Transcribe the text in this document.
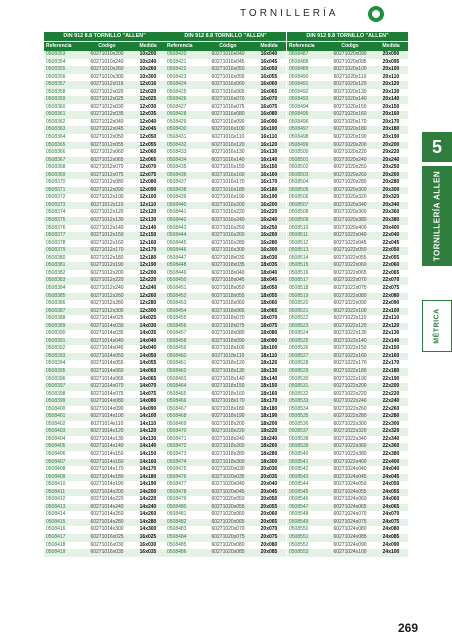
TORNILLERÍA
5
TORNILLERÍA ALLEN
MÉTRICA
DIN 912 8.8 TORNILLO "ALLEN"
Referencia	Código	Medida
0508353	60271010x200	10x200
0508354	60271010x240	10x240
0508355	60271010x260	10x260
0508356	60271010x300	10x300
0508357	60271012x016	12x016
0508358	60271012x020	12x020
0508359	60271012x025	12x025
0508360	60271012x030	12x030
0508361	60271012x035	12x035
0508362	60271012x040	12x040
0508363	60271012x045	12x045
0508364	60271012x050	12x050
0508365	60271012x055	12x055
0508366	60271012x060	12x060
0508367	60271012x065	12x065
0508368	60271012x070	12x070
0508369	60271012x075	12x075
0508370	60271012x080	12x080
0508371	60271012x090	12x090
0508372	60271012x100	12x100
0508373	60271012x110	12x110
0508374	60271012x120	12x120
0508375	60271012x130	12x130
0508376	60271012x140	12x140
0508377	60271012x150	12x150
0508378	60271012x160	12x160
0508379	60271012x170	12x170
0508380	60271012x180	12x180
0508381	60271012x190	12x190
0508382	60271012x200	12x200
0508383	60271012x220	12x220
0508384	60271012x240	12x240
0508385	60271012x260	12x260
0508386	60271012x280	12x280
0508387	60271012x300	12x300
0508388	60271014x025	14x025
0508389	60271014x030	14x030
0508390	60271014x035	14x035
0508391	60271014x040	14x040
0508392	60271014x045	14x045
0508393	60271014x050	14x050
0508394	60271014x055	14x055
0508395	60271014x060	14x060
0508396	60271014x065	14x065
0508397	60271014x070	14x070
0508398	60271014x075	14x075
0508399	60271014x080	14x080
0508400	60271014x090	14x090
0508401	60271014x100	14x100
0508402	60271014x110	14x110
0508403	60271014x120	14x120
0508404	60271014x130	14x130
0508405	60271014x140	14x140
0508406	60271014x150	14x150
0508407	60271014x160	14x160
0508408	60271014x170	14x170
0508409	60271014x180	14x180
0508410	60271014x190	14x190
0508411	60271014x200	14x200
0508412	60271014x220	14x220
0508413	60271014x240	14x240
0508414	60271014x260	14x260
0508415	60271014x280	14x280
0508416	60271014x300	14x300
0508417	60271016x025	16x025
0508418	60271016x030	16x030
0508419	60271016x035	16x035
DIN 912 8.8 TORNILLO "ALLEN"
Referencia	Código	Medida
0508420	60271016x040	16x040
0508421	60271016x045	16x045
0508422	60271016x050	16x050
0508423	60271016x055	16x055
0508424	60271016x060	16x060
0508425	60271016x065	16x065
0508426	60271016x070	16x070
0508427	60271016x075	16x075
0508428	60271016x080	16x080
0508429	60271016x090	16x090
0508430	60271016x100	16x100
0508431	60271016x110	16x110
0508432	60271016x120	16x120
0508433	60271016x130	16x130
0508434	60271016x140	16x140
0508435	60271016x150	16x150
0508436	60271016x160	16x160
0508437	60271016x170	16x170
0508438	60271016x180	16x180
0508439	60271016x190	16x190
0508440	60271016x200	16x200
0508441	60271016x220	16x220
0508442	60271016x240	16x240
0508443	60271016x250	16x250
0508444	60271016x260	16x260
0508445	60271016x280	16x280
0508446	60271016x300	16x300
0508447	60271018x030	18x030
0508448	60271018x035	18x035
0508449	60271018x040	18x040
0508450	60271018x045	18x045
0508451	60271018x050	18x050
0508452	60271018x055	18x055
0508453	60271018x060	18x060
0508454	60271018x065	18x065
0508455	60271018x070	18x070
0508456	60271018x075	18x075
0508457	60271018x080	18x080
0508458	60271018x090	18x090
0508459	60271018x100	18x100
0508460	60271018x110	18x110
0508461	60271018x120	18x120
0508462	60271018x130	18x130
0508463	60271018x140	18x140
0508464	60271018x150	18x150
0508465	60271018x160	18x160
0508466	60271018x170	18x170
0508467	60271018x180	18x180
0508468	60271018x190	18x190
0508469	60271018x200	18x200
0508470	60271018x220	18x220
0508471	60271018x240	18x240
0508472	60271018x260	18x260
0508473	60271018x280	18x280
0508474	60271018x300	18x300
0508475	60271020x030	20x030
0508476	60271020x035	20x035
0508477	60271020x040	20x040
0508478	60271020x045	20x045
0508479	60271020x050	20x050
0508480	60271020x055	20x055
0508481	60271020x060	20x060
0508482	60271020x065	20x065
0508483	60271020x070	20x070
0508484	60271020x075	20x075
0508485	60271020x080	20x080
0508486	60271020x085	20x085
DIN 912 8.8 TORNILLO "ALLEN"
Referencia	Código	Medida
0508487	60271020x090	20x090
0508488	60271020x095	20x095
0508489	60271020x100	20x100
0508490	60271020x110	20x110
0508491	60271020x120	20x120
0508492	60271020x130	20x130
0508493	60271020x140	20x140
0508494	60271020x150	20x150
0508495	60271020x160	20x160
0508496	60271020x170	20x170
0508497	60271020x180	20x180
0508498	60271020x190	20x190
0508499	60271020x200	20x200
0508500	60271020x220	20x220
0508501	60271020x240	20x240
0508502	60271020x250	20x250
0508503	60271020x260	20x260
0508504	60271020x280	20x280
0508505	60271020x300	20x300
0508506	60271020x320	20x320
0508507	60271020x340	20x340
0508508	60271020x360	20x360
0508509	60271020x380	20x380
0508510	60271020x400	20x400
0508511	60271022x040	22x040
0508512	60271022x045	22x045
0508513	60271022x050	22x050
0508514	60271022x055	22x055
0508515	60271022x060	22x060
0508516	60271022x065	22x065
0508517	60271022x070	22x070
0508518	60271022x075	22x075
0508519	60271022x080	22x080
0508520	60271022x090	22x090
0508521	60271022x100	22x100
0508522	60271022x110	22x110
0508523	60271022x120	22x120
0508524	60271022x130	22x130
0508525	60271022x140	22x140
0508526	60271022x150	22x150
0508527	60271022x160	22x160
0508528	60271022x170	22x170
0508529	60271022x180	22x180
0508530	60271022x190	22x190
0508531	60271022x200	22x200
0508532	60271022x220	22x220
0508533	60271022x240	22x240
0508534	60271022x260	22x260
0508535	60271022x280	22x280
0508536	60271022x300	22x300
0508537	60271022x320	22x320
0508538	60271022x340	22x340
0508539	60271022x360	22x360
0508540	60271022x380	22x380
0508541	60271022x400	22x400
0508542	60271024x040	24x040
0508543	60271024x045	24x045
0508544	60271024x050	24x050
0508545	60271024x055	24x055
0508546	60271024x060	24x060
0508547	60271024x065	24x065
0508548	60271024x070	24x070
0508549	60271024x075	24x075
0508550	60271024x080	24x080
0508551	60271024x085	24x085
0508552	60271024x090	24x090
0508553	60271024x100	24x100
269
